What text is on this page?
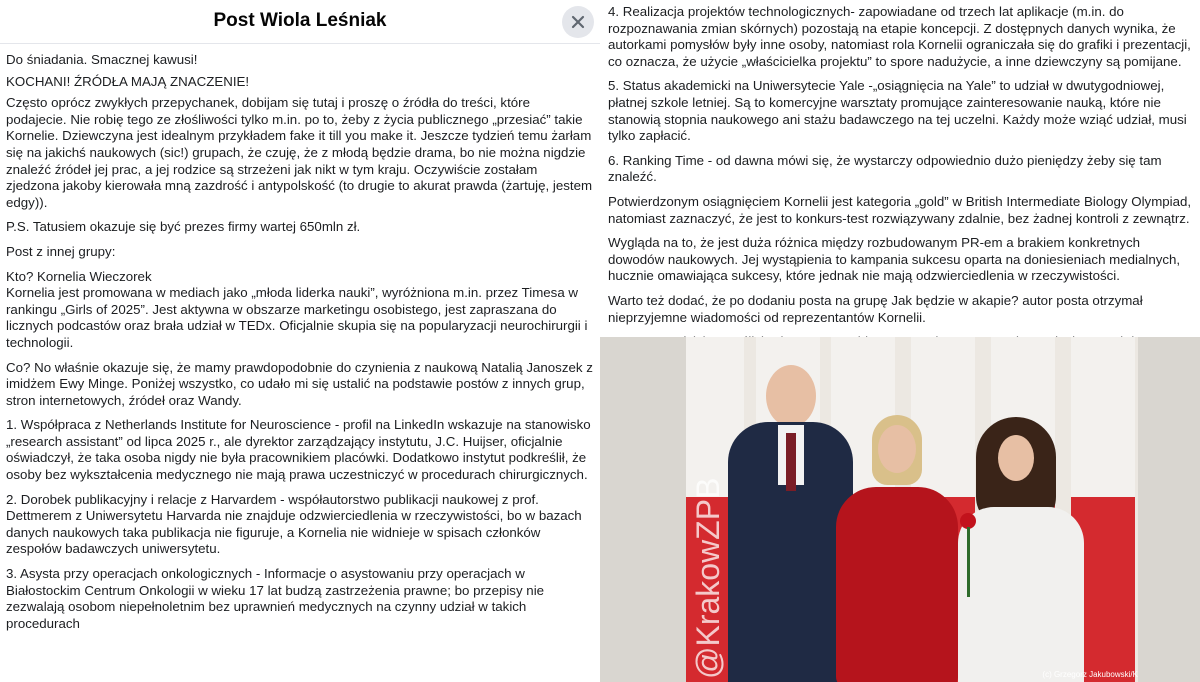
Post Wiola Leśniak

Do śniadania. Smacznej kawusi!

KOCHANI! ŹRÓDŁA MAJĄ ZNACZENIE!

Często oprócz zwykłych przepychanek, dobijam się tutaj i proszę o źródła do treści, które podajecie. Nie robię tego ze złośliwości tylko m.in. po to, żeby z życia publicznego „przesiać” takie Kornelie. Dziewczyna jest idealnym przykładem fake it till you make it. Jeszcze tydzień temu żarłam się na jakichś naukowych (sic!) grupach, że czuję, że z młodą będzie drama, bo nie można nigdzie znaleźć źródeł jej prac, a jej rodzice są strzeżeni jak nikt w tym kraju. Oczywiście zostałam zjedzona jakoby kierowała mną zazdrość i antypolskość (to drugie to akurat prawda (żartuję, jestem edgy)).

P.S. Tatusiem okazuje się być prezes firmy wartej 650mln zł.

Post z innej grupy:

Kto? Kornelia Wieczorek
Kornelia jest promowana w mediach jako „młoda liderka nauki”, wyróżniona m.in. przez Timesa w rankingu „Girls of 2025”. Jest aktywna w obszarze marketingu osobistego, jest zapraszana do licznych podcastów oraz brała udział w TEDx. Oficjalnie skupia się na popularyzacji neurochirurgii i technologii.

Co? No właśnie okazuje się, że mamy prawdopodobnie do czynienia z naukową Natalią Janoszek z imidżem Ewy Minge. Poniżej wszystko, co udało mi się ustalić na podstawie postów z innych grup, stron internetowych, źródeł oraz Wandy.

1. Współpraca z Netherlands Institute for Neuroscience - profil na LinkedIn wskazuje na stanowisko „research assistant” od lipca 2025 r., ale dyrektor zarządzający instytutu, J.C. Huijser, oficjalnie oświadczył, że taka osoba nigdy nie była pracownikiem placówki. Dodatkowo instytut podkreślił, że osoby bez wykształcenia medycznego nie mają prawa uczestniczyć w procedurach chirurgicznych.

2. Dorobek publikacyjny i relacje z Harvardem - współautorstwo publikacji naukowej z prof. Dettmerem z Uniwersytetu Harvarda nie znajduje odzwierciedlenia w rzeczywistości, bo w bazach danych naukowych taka publikacja nie figuruje, a Kornelia nie widnieje w spisach członków zespołów badawczych uniwersytetu.

3. Asysta przy operacjach onkologicznych - Informacje o asystowaniu przy operacjach w Białostockim Centrum Onkologii w wieku 17 lat budzą zastrzeżenia prawne; bo przepisy nie zezwalają osobom niepełnoletnim bez uprawnień medycznych na czynny udział w takich procedurach

4. Realizacja projektów technologicznych- zapowiadane od trzech lat aplikacje (m.in. do rozpoznawania zmian skórnych) pozostają na etapie koncepcji. Z dostępnych danych wynika, że autorkami pomysłów były inne osoby, natomiast rola Kornelii ograniczała się do grafiki i prezentacji, co oznacza, że użycie „właścicielka projektu” to spore nadużycie, a inne dziewczyny są pomijane.

5. Status akademicki na Uniwersytecie Yale -„osiągnięcia na Yale” to udział w dwutygodniowej, płatnej szkole letniej. Są to komercyjne warsztaty promujące zainteresowanie nauką, które nie stanowią stopnia naukowego ani stażu badawczego na tej uczelni. Każdy może wziąć udział, musi tylko zapłacić.

6. Ranking Time - od dawna mówi się, że wystarczy odpowiednio dużo pieniędzy żeby się tam znaleźć.

Potwierdzonym osiągnięciem Kornelii jest kategoria „gold” w British Intermediate Biology Olympiad, natomiast zaznaczyć, że jest to konkurs-test rozwiązywany zdalnie, bez żadnej kontroli z zewnątrz.

Wygląda na to, że jest duża różnica między rozbudowanym PR-em a brakiem konkretnych dowodów naukowych. Jej wystąpienia to kampania sukcesu oparta na doniesieniach medialnych, hucznie omawiająca sukcesy, które jednak nie mają odzwierciedlenia w rzeczywistości.

Warto też dodać, że po dodaniu posta na grupę Jak będzie w akapie? autor posta otrzymał nieprzyjemne wiadomości od reprezentantów Kornelii.

@KrakowZPB	(c) Grzegorz Jakubowski/K
